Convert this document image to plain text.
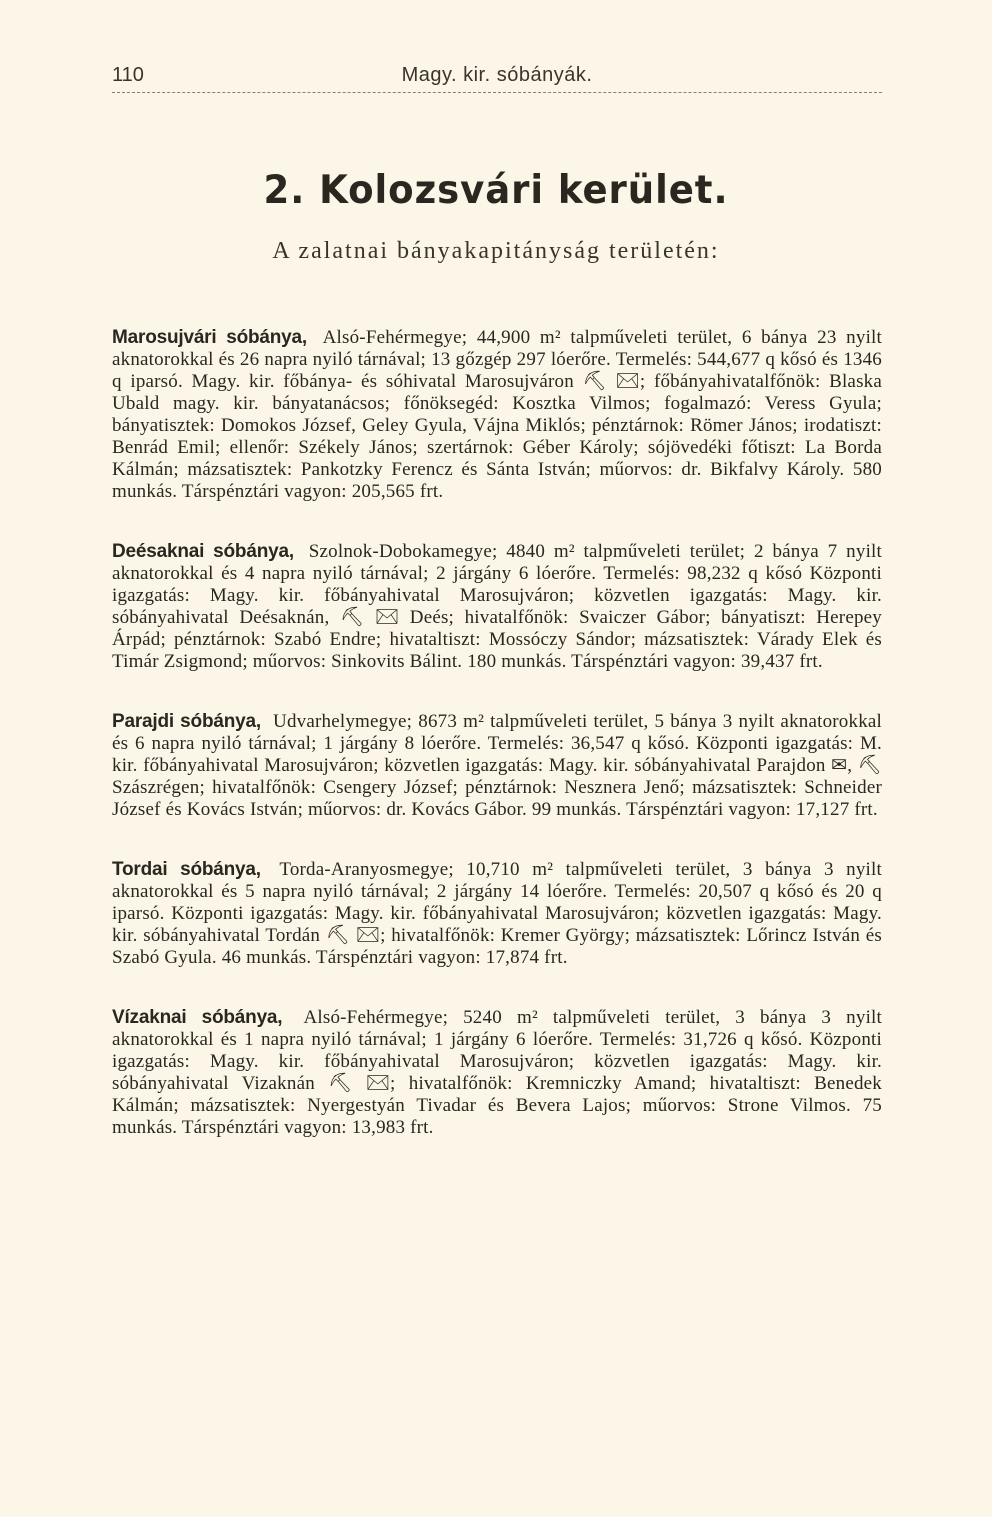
110	Magy. kir. sóbányák.
2. Kolozsvári kerület.
A zalatnai bányakapitányság területén:

Marosujvári sóbánya, Alsó-Fehérmegye; 44,900 m² talpműveleti terület, 6 bánya 23 nyilt aknatorokkal és 26 napra nyiló tárnával; 13 gőzgép 297 lóerőre. Termelés: 544,677 q kősó és 1346 q iparsó. Magy. kir. főbánya- és sóhivatal Marosujváron ⛏ ✉; főbányahivatalfőnök: Blaska Ubald magy. kir. bányatanácsos; főnöksegéd: Kosztka Vilmos; fogalmazó: Veress Gyula; bányatisztek: Domokos József, Geley Gyula, Vájna Miklós; pénztárnok: Römer János; irodatiszt: Benrád Emil; ellenőr: Székely János; szertárnok: Géber Károly; sójövedéki főtiszt: La Borda Kálmán; mázsatisztek: Pankotzky Ferencz és Sánta István; műorvos: dr. Bikfalvy Károly. 580 munkás. Társpénztári vagyon: 205,565 frt.

Deésaknai sóbánya, Szolnok-Dobokamegye; 4840 m² talpműveleti terület; 2 bánya 7 nyilt aknatorokkal és 4 napra nyiló tárnával; 2 járgány 6 lóerőre. Termelés: 98,232 q kősó Központi igazgatás: Magy. kir. főbányahivatal Marosujváron; közvetlen igazgatás: Magy. kir. sóbányahivatal Deésaknán, ⛏ ✉ Deés; hivatalfőnök: Svaiczer Gábor; bányatiszt: Herepey Árpád; pénztárnok: Szabó Endre; hivataltiszt: Mossóczy Sándor; mázsatisztek: Várady Elek és Timár Zsigmond; műorvos: Sinkovits Bálint. 180 munkás. Társpénztári vagyon: 39,437 frt.

Parajdi sóbánya, Udvarhelymegye; 8673 m² talpműveleti terület, 5 bánya 3 nyilt aknatorokkal és 6 napra nyiló tárnával; 1 járgány 8 lóerőre. Termelés: 36,547 q kősó. Központi igazgatás: M. kir. főbányahivatal Marosujváron; közvetlen igazgatás: Magy. kir. sóbányahivatal Parajdon ✉, ⛏ Szászrégen; hivatalfőnök: Csengery József; pénztárnok: Nesznera Jenő; mázsatisztek: Schneider József és Kovács István; műorvos: dr. Kovács Gábor. 99 munkás. Társpénztári vagyon: 17,127 frt.

Tordai sóbánya, Torda-Aranyosmegye; 10,710 m² talpműveleti terület, 3 bánya 3 nyilt aknatorokkal és 5 napra nyiló tárnával; 2 járgány 14 lóerőre. Termelés: 20,507 q kősó és 20 q iparsó. Központi igazgatás: Magy. kir. főbányahivatal Marosujváron; közvetlen igazgatás: Magy. kir. sóbányahivatal Tordán ⛏ ✉; hivatalfőnök: Kremer György; mázsatisztek: Lőrincz István és Szabó Gyula. 46 munkás. Társpénztári vagyon: 17,874 frt.

Vízaknai sóbánya, Alsó-Fehérmegye; 5240 m² talpműveleti terület, 3 bánya 3 nyilt aknatorokkal és 1 napra nyiló tárnával; 1 járgány 6 lóerőre. Termelés: 31,726 q kősó. Központi igazgatás: Magy. kir. főbányahivatal Marosujváron; közvetlen igazgatás: Magy. kir. sóbányahivatal Vizaknán ⛏ ✉; hivatalfőnök: Kremniczky Amand; hivataltiszt: Benedek Kálmán; mázsatisztek: Nyergestyán Tivadar és Bevera Lajos; műorvos: Strone Vilmos. 75 munkás. Társpénztári vagyon: 13,983 frt.
